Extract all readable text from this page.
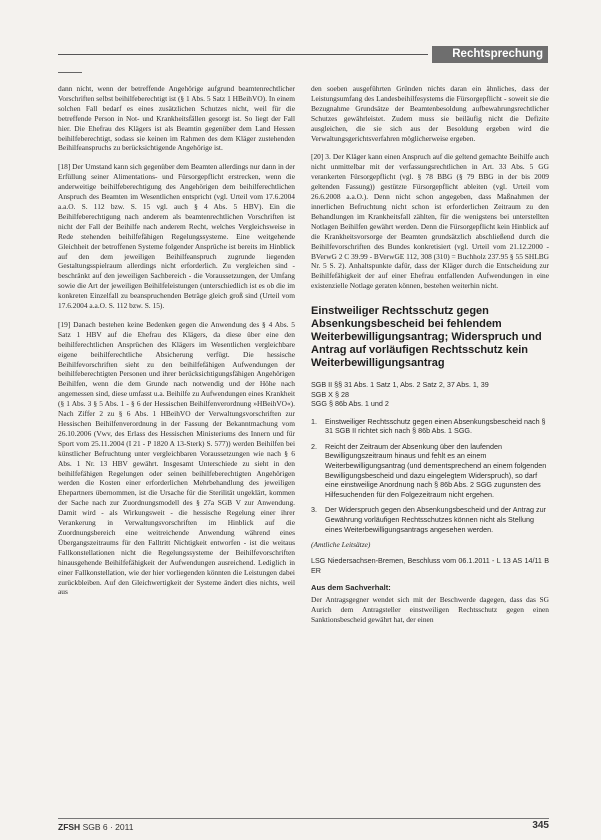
Rechtsprechung

dann nicht, wenn der betreffende Angehörige aufgrund beamtenrechtlicher Vorschriften selbst beihilfeberechtigt ist (§ 1 Abs. 5 Satz 1 HBeihVO). In einem solchen Fall bedarf es eines zusätzlichen Schutzes nicht, weil für die betreffende Person in Not- und Krankheitsfällen gesorgt ist. So liegt der Fall hier. Die Ehefrau des Klägers ist als Beamtin gegenüber dem Land Hessen beihilfeberechtigt, sodass sie keinen im Rahmen des dem Kläger zustehenden Beihilfeanspruchs zu berücksichtigende Angehörige ist.

[18] Der Umstand kann sich gegenüber dem Beamten allerdings nur dann in der Erfüllung seiner Alimentations- und Fürsorgepflicht erstrecken, wenn die anderweitige beihilfeberechtigung des Angehörigen dem beihilferechtlichen Anspruch des Beamten im Wesentlichen entspricht (vgl. Urteil vom 17.6.2004 a.a.O. S. 112 bzw. S. 15 vgl. auch § 4 Abs. 5 HBV). Ein die Beihilfeberechtigung nach anderem als beamtenrechtlichen Vorschriften ist nicht der Fall der Beihilfe nach anderem Recht, welches Vergleichsweise in Rede stehenden beihilfefähigen Regelungssysteme. Eine weitgehende Gleichheit der betroffenen Systeme folgender Ansprüche ist bereits im Hinblick auf den dem jeweiligen Beihilfeanspruch zugrunde liegenden Gestaltungsspielraum allerdings nicht erforderlich. Zu vergleichen sind - beschränkt auf den jeweiligen Sachbereich - die Voraussetzungen, der Umfang sowie die Art der jeweiligen Beihilfeleistungen (unterschiedlich ist es ob die im konkreten Einzelfall zu beanspruchenden Beträge gleich groß sind (Urteil vom 17.6.2004 a.a.O. S. 112 bzw. S. 15).

[19] Danach bestehen keine Bedenken gegen die Anwendung des § 4 Abs. 5 Satz 1 HBV auf die Ehefrau des Klägers, da diese über eine den beihilferechtlichen Ansprüchen des Klägers im Wesentlichen vergleichbare eigene beihilferechtliche Absicherung verfügt. Die hessische Beihilfevorschriften sieht zu den beihilfefähigen Aufwendungen der beihilfeberechtigten Personen und ihrer berücksichtigungsfähigen Angehörigen Beihilfen, wenn die dem Grunde nach notwendig und der Höhe nach angemessen sind, diese umfasst u.a. Beihilfe zu Aufwendungen eines Krankheit (§ 1 Abs. 3 § 5 Abs. 1 - § 6 der Hessischen Beihilfenverordnung »HBeihVO«). Nach Ziffer 2 zu § 6 Abs. 1 HBeihVO der Verwaltungsvorschriften zur Hessischen Beihilfenverordnung in der Fassung der Bekanntmachung vom 26.10.2006 (Vwv, des Erlass des Hessischen Ministeriums des Innern und für Sport vom 25.11.2004 (I 21 - P 1820 A 13-Sterk) S. 577)) werden Beihilfen bei künstlicher Befruchtung unter vergleichbaren Voraussetzungen wie nach § 6 Abs. 1 Nr. 13 HBV gewährt. Insgesamt Unterschiede zu sieht in den beihilfefähigen Regelungen oder seinen beihilfeberechtigten Angehörigen werden die Kosten einer erforderlichen Mehrbehandlung des jeweiligen Ehepartners übernommen, ist die Ursache für die Sterilität ungeklärt, kommen der Sache nach zur Zuordnungsmodell des § 27a SGB V zur Anwendung. Damit wird - als Wirkungsweit - die hessische Regelung einer ihrer Verankerung in Verwaltungsvorschriften im Hinblick auf die Zuordnungsbereich eine weitreichende Anwendung während eines Übergangszeitraums für den Falltritt Nichtigkeit entworfen - ist die weitaus Fallkonstellationen nicht die Regelungssysteme der Beihilfevorschriften hinausgehende Beihilfefähigkeit der Aufwendungen ausreichend. Lediglich in einer Fallkonstellation, wie der hier vorliegenden könnten die Leistungen dabei zurückbleiben. Auf den Gleichwertigkeit der Systeme ändert dies nichts, weil aus

den soeben ausgeführten Gründen nichts daran ein ähnliches, dass der Leistungsumfang des Landesbeihilfesystems die Fürsorgepflicht - soweit sie die Bezugnahme Grundsätze der Beamtenbesoldung aufbewahrungsrechtlicher Schutzes gewährleistet. Zudem muss sie beiläufig nicht die Defizite ausgleichen, die sie sich aus der Besoldung ergeben wird die Verwaltungsgerichtsverfahren möglicherweise ergeben.

[20] 3. Der Kläger kann einen Anspruch auf die geltend gemachte Beihilfe auch nicht unmittelbar mit der verfassungsrechtlichen in Art. 33 Abs. 5 GG verankerten Fürsorgepflicht (vgl. § 78 BBG (§ 79 BBG in der bis 2009 geltenden Fassung)) gestützte Fürsorgepflicht ableiten (vgl. Urteil vom 26.6.2008 a.a.O.). Denn nicht schon angegeben, dass Maßnahmen der innerlichen Befruchtung nicht schon ist erforderlichen Zeitraum zu den Behandlungen im Krankheitsfall zählten, für die wenigstens bei unterstellten Notlagen Beihilfen gewährt werden. Denn die Fürsorgepflicht kein Hinblick auf die Krankheitsvorsorge der Beamten grundsätzlich abschließend durch die Beihilfevorschriften des Bundes konkretisiert (vgl. Urteil vom 21.12.2000 - BVerwG 2 C 39.99 - BVerwGE 112, 308 (310) = Buchholz 237.95 § 55 SHLBG Nr. 5 S. 2). Anhaltspunkte dafür, dass der Kläger durch die Entscheidung zur Beihilfefähigkeit der auf einer Ehefrau entfallenden Aufwendungen in eine existenzielle Notlage geraten können, bestehen weiterhin nicht.

Einstweiliger Rechtsschutz gegen Absenkungsbescheid bei fehlendem Weiterbewilligungsantrag; Widerspruch und Antrag auf vorläufigen Rechtsschutz kein Weiterbewilligungsantrag
SGB II §§ 31 Abs. 1 Satz 1, Abs. 2 Satz 2, 37 Abs. 1, 39
SGB X § 28
SGG § 86b Abs. 1 und 2
1. Einstweiliger Rechtsschutz gegen einen Absenkungsbescheid nach § 31 SGB II richtet sich nach § 86b Abs. 1 SGG.
2. Reicht der Zeitraum der Absenkung über den laufenden Bewilligungszeitraum hinaus und fehlt es an einem Weiterbewilligungsantrag (und dementsprechend an einem folgenden Bewilligungsbescheid und dazu eingelegtem Widerspruch), so darf eine einstweilige Anordnung nach § 86b Abs. 2 SGG zugunsten des Hilfesuchenden für den Folgezeitraum nicht ergehen.
3. Der Widerspruch gegen den Absenkungsbescheid und der Antrag zur Gewährung vorläufigen Rechtsschutzes können nicht als Stellung eines Weiterbewilligungsantrags angesehen werden.
(Amtliche Leitsätze)
LSG Niedersachsen-Bremen, Beschluss vom 06.1.2011 - L 13 AS 14/11 B ER
Aus dem Sachverhalt:
Der Antragsgegner wendet sich mit der Beschwerde dagegen, dass das SG Aurich dem Antragsteller einstweiligen Rechtsschutz gegen einen Sanktionsbescheid gewährt hat, der einen
ZFSH SGB 6 · 2011	345
